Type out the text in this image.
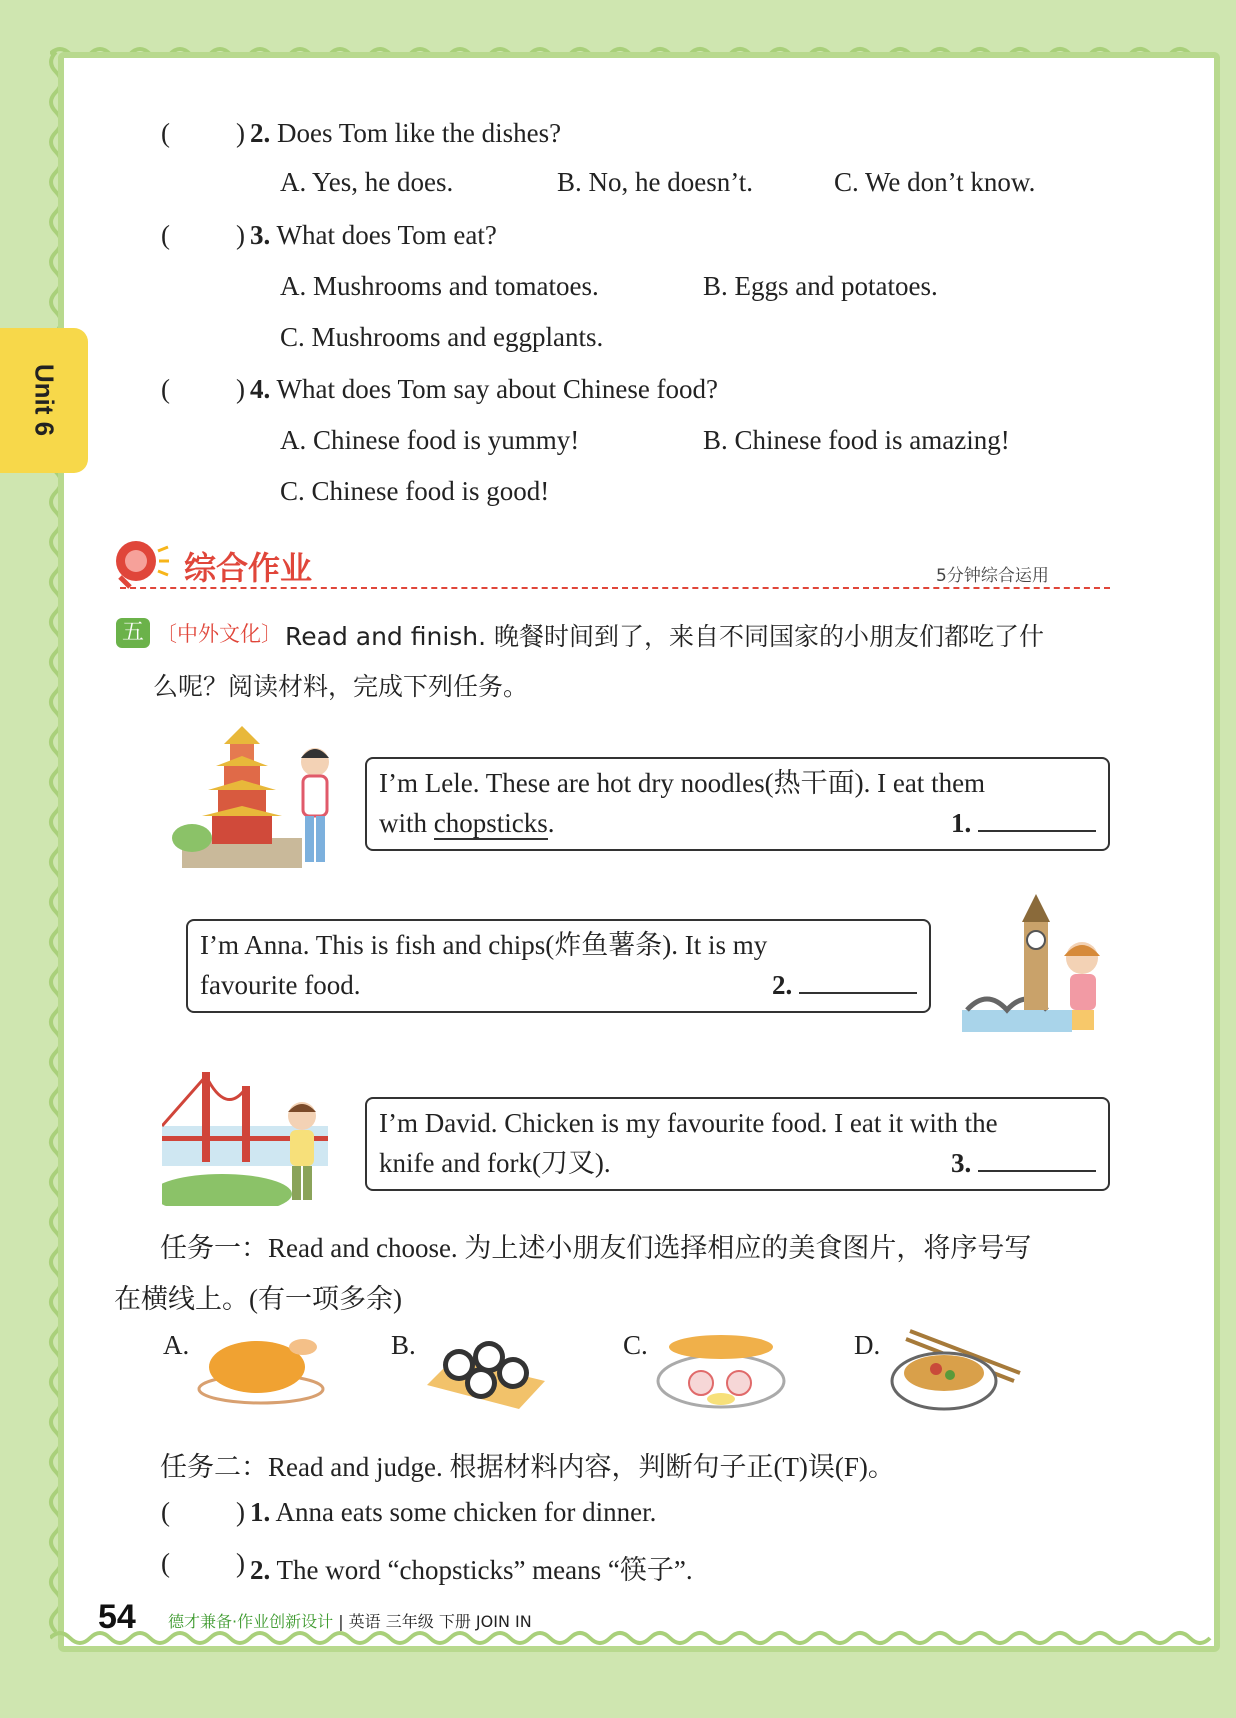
Unit 6
( ) 2. Does Tom like the dishes?
A. Yes, he does.	B. No, he doesn’t.	C. We don’t know.
( ) 3. What does Tom eat?
A. Mushrooms and tomatoes.	B. Eggs and potatoes.
C. Mushrooms and eggplants.
( ) 4. What does Tom say about Chinese food?
A. Chinese food is yummy!	B. Chinese food is amazing!
C. Chinese food is good!
综合作业	5分钟综合运用
五 〔中外文化〕 Read and finish. 晚餐时间到了，来自不同国家的小朋友们都吃了什
么呢？阅读材料，完成下列任务。
I’m Lele. These are hot dry noodles(热干面). I eat them
with chopsticks.	1.
I’m Anna. This is fish and chips(炸鱼薯条). It is my
favourite food.	2.
I’m David. Chicken is my favourite food. I eat it with the
knife and fork(刀叉).	3.
任务一：Read and choose. 为上述小朋友们选择相应的美食图片，将序号写
在横线上。(有一项多余)
A.	B.	C.	D.
任务二：Read and judge. 根据材料内容，判断句子正(T)误(F)。
( ) 1. Anna eats some chicken for dinner.
( ) 2. The word “chopsticks” means “筷子”.
54 德才兼备·作业创新设计 | 英语 三年级 下册 JOIN IN
